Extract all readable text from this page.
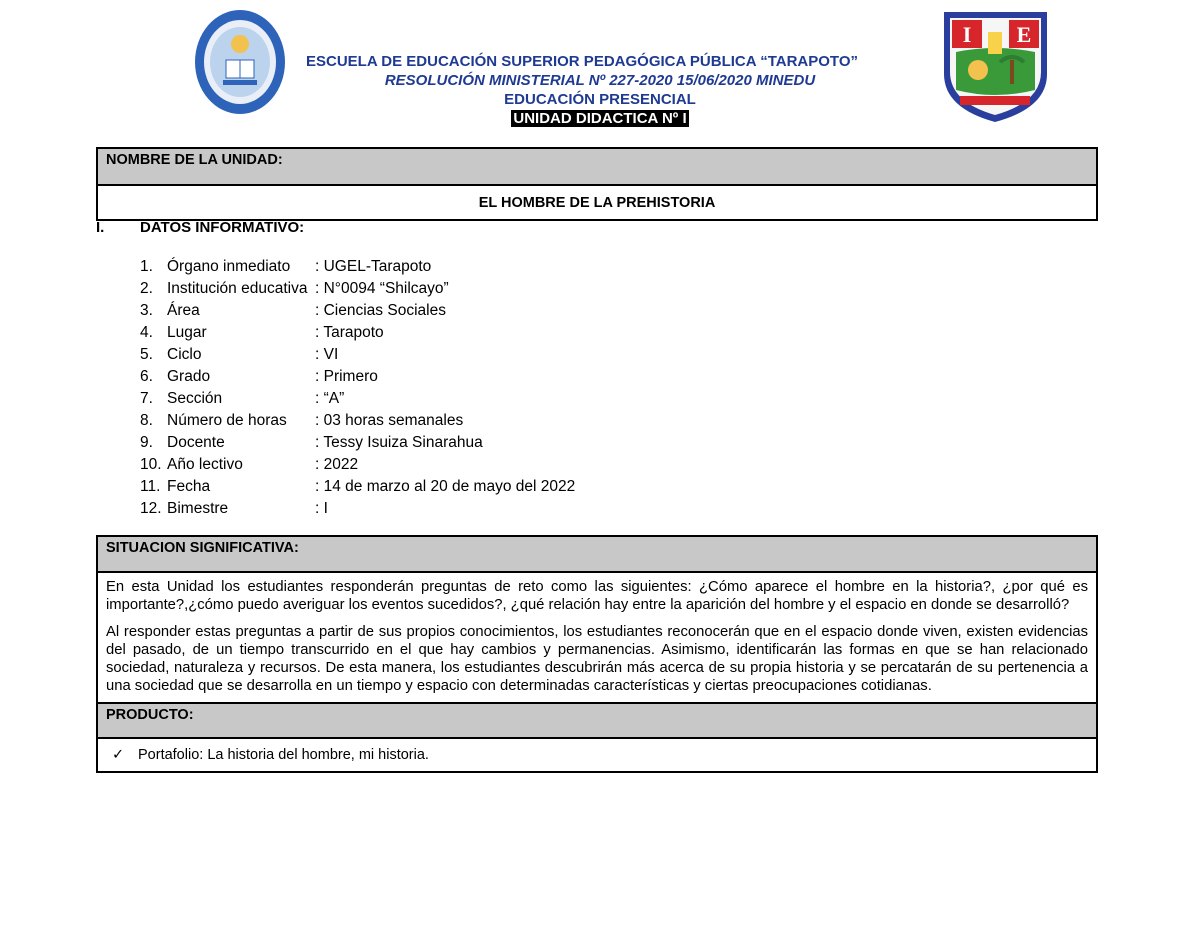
I E
ESCUELA DE EDUCACIÓN SUPERIOR PEDAGÓGICA PÚBLICA “TARAPOTO”
RESOLUCIÓN MINISTERIAL Nº 227-2020 15/06/2020 MINEDU
EDUCACIÓN PRESENCIAL
UNIDAD DIDACTICA Nº I
NOMBRE DE LA UNIDAD:
EL HOMBRE DE LA PREHISTORIA
I. DATOS INFORMATIVO:
1. Órgano inmediato : UGEL-Tarapoto
2. Institución educativa : N°0094 “Shilcayo”
3. Área	: Ciencias Sociales
4. Lugar	: Tarapoto
5. Ciclo	: VI
6. Grado	: Primero
7. Sección	: “A”
8. Número de horas : 03 horas semanales
9. Docente	: Tessy Isuiza Sinarahua
10. Año lectivo	: 2022
11. Fecha	: 14 de marzo al 20 de mayo del 2022
12. Bimestre	: I
SITUACION SIGNIFICATIVA:

En esta Unidad los estudiantes responderán preguntas de reto como las siguientes: ¿Cómo aparece el hombre en la historia?, ¿por qué es importante?,¿cómo puedo averiguar los eventos sucedidos?, ¿qué relación hay entre la aparición del hombre y el espacio en donde se desarrolló?

Al responder estas preguntas a partir de sus propios conocimientos, los estudiantes reconocerán que en el espacio donde viven, existen evidencias del pasado, de un tiempo transcurrido en el que hay cambios y permanencias. Asimismo, identificarán las formas en que se han relacionado sociedad, naturaleza y recursos. De esta manera, los estudiantes descubrirán más acerca de su propia historia y se percatarán de su pertenencia a una sociedad que se desarrolla en un tiempo y espacio con determinadas características y ciertas preocupaciones cotidianas.

PRODUCTO:
✓ Portafolio: La historia del hombre, mi historia.
